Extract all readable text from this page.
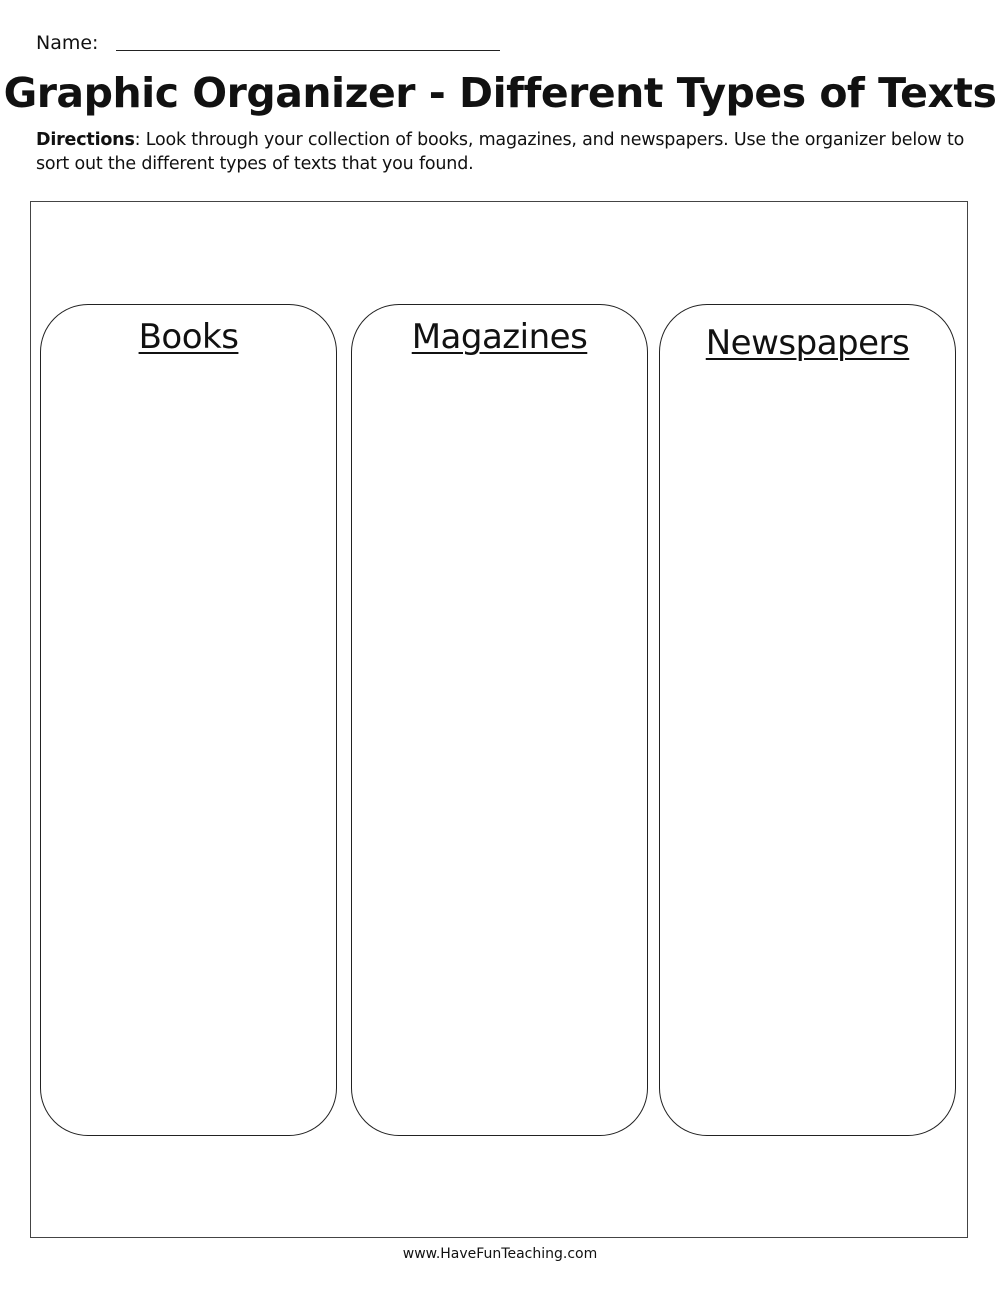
Name:
Graphic Organizer - Different Types of Texts
Directions: Look through your collection of books, magazines, and newspapers. Use the organizer below to sort out the different types of texts that you found.
Books	Magazines	Newspapers
www.HaveFunTeaching.com
